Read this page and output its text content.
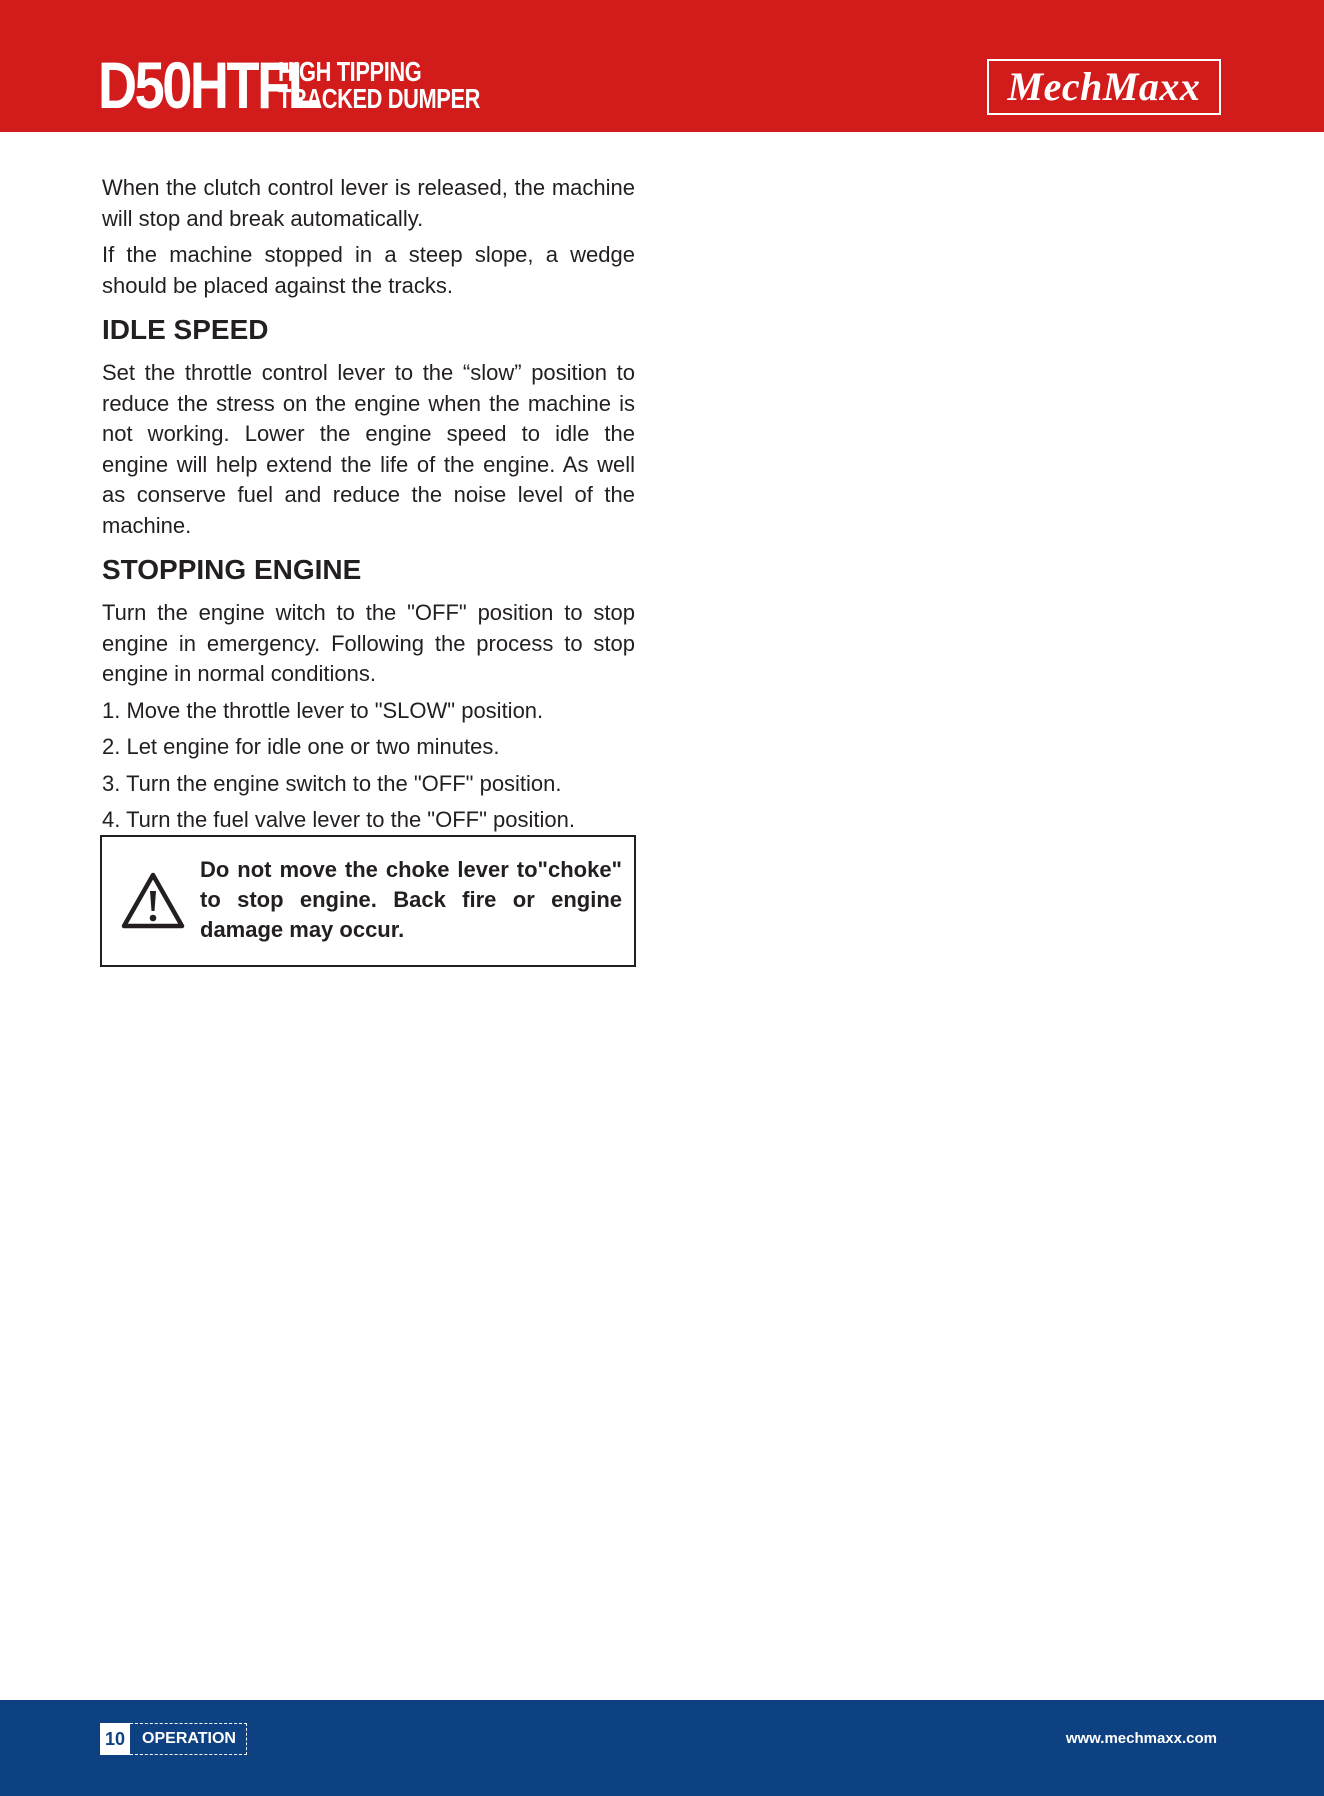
D50HTFL
HIGH TIPPING
TRACKED DUMPER	MechMaxx

When the clutch control lever is released, the machine will stop and break automatically.

If the machine stopped in a steep slope, a wedge should be placed against the tracks.

IDLE SPEED

Set the throttle control lever to the “slow” position to reduce the stress on the engine when the machine is not working. Lower the engine speed to idle the engine will help extend the life of the engine. As well as conserve fuel and reduce the noise level of the machine.

STOPPING ENGINE

Turn the engine witch to the "OFF" position to stop engine in emergency. Following the process to stop engine in normal conditions.

1. Move the throttle lever to "SLOW" position.
2. Let engine for idle one or two minutes.
3. Turn the engine switch to the "OFF" position.
4. Turn the fuel valve lever to the "OFF" position.
Do not move the choke lever to"choke" to stop engine. Back fire or engine damage may occur.
10	OPERATION	www.mechmaxx.com
